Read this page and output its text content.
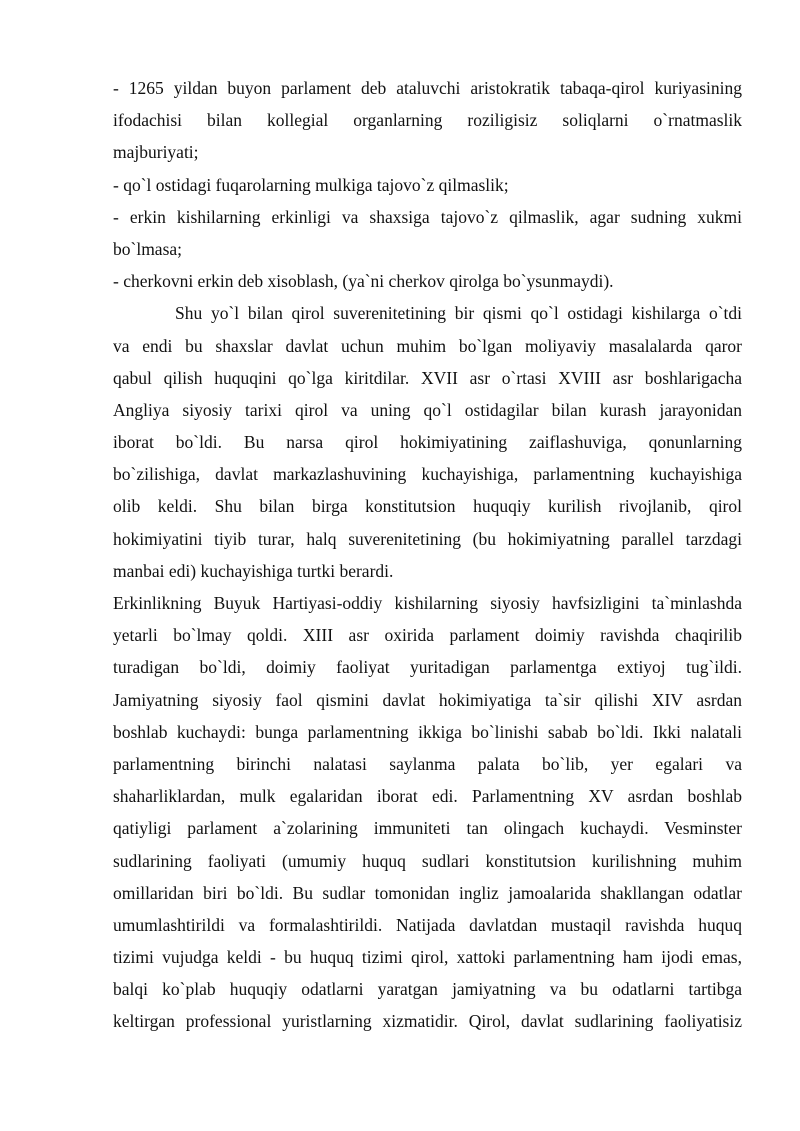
- 1265 yildan buyon parlament deb ataluvchi aristokratik tabaqa-qirol kuriyasining
ifodachisi bilan kollegial organlarning roziligisiz soliqlarni o`rnatmaslik
majburiyati;
- qo`l ostidagi fuqarolarning mulkiga tajovo`z qilmaslik;
- erkin kishilarning erkinligi va shaxsiga tajovo`z qilmaslik, agar sudning xukmi
bo`lmasa;
- cherkovni erkin deb xisoblash, (ya`ni cherkov qirolga bo`ysunmaydi).
Shu yo`l bilan qirol suverenitetining bir qismi qo`l ostidagi kishilarga o`tdi
va endi bu shaxslar davlat uchun muhim bo`lgan moliyaviy masalalarda qaror
qabul qilish huquqini qo`lga kiritdilar. XVII asr o`rtasi XVIII asr boshlarigacha
Angliya siyosiy tarixi qirol va uning qo`l ostidagilar bilan kurash jarayonidan
iborat bo`ldi. Bu narsa qirol hokimiyatining zaiflashuviga, qonunlarning
bo`zilishiga, davlat markazlashuvining kuchayishiga, parlamentning kuchayishiga
olib keldi. Shu bilan birga konstitutsion huquqiy kurilish rivojlanib, qirol
hokimiyatini tiyib turar, halq suverenitetining (bu hokimiyatning parallel tarzdagi
manbai edi) kuchayishiga turtki berardi.
Erkinlikning Buyuk Hartiyasi-oddiy kishilarning siyosiy havfsizligini ta`minlashda
yetarli bo`lmay qoldi. XIII asr oxirida parlament doimiy ravishda chaqirilib
turadigan bo`ldi, doimiy faoliyat yuritadigan parlamentga extiyoj tug`ildi.
Jamiyatning siyosiy faol qismini davlat hokimiyatiga ta`sir qilishi XIV asrdan
boshlab kuchaydi: bunga parlamentning ikkiga bo`linishi sabab bo`ldi. Ikki nalatali
parlamentning birinchi nalatasi saylanma palata bo`lib, yer egalari va
shaharliklardan, mulk egalaridan iborat edi. Parlamentning XV asrdan boshlab
qatiyligi parlament a`zolarining immuniteti tan olingach kuchaydi. Vesminster
sudlarining faoliyati (umumiy huquq sudlari konstitutsion kurilishning muhim
omillaridan biri bo`ldi. Bu sudlar tomonidan ingliz jamoalarida shakllangan odatlar
umumlashtirildi va formalashtirildi. Natijada davlatdan mustaqil ravishda huquq
tizimi vujudga keldi - bu huquq tizimi qirol, xattoki parlamentning ham ijodi emas,
balqi ko`plab huquqiy odatlarni yaratgan jamiyatning va bu odatlarni tartibga
keltirgan professional yuristlarning xizmatidir. Qirol, davlat sudlarining faoliyatisiz
